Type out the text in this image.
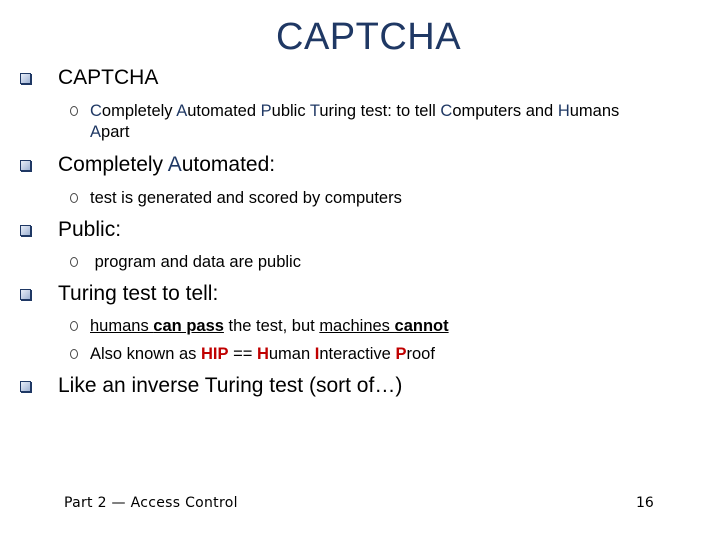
CAPTCHA
CAPTCHA
Completely Automated Public Turing test: to tell Computers and Humans
Apart
Completely Automated:
test is generated and scored by computers
Public:
program and data are public
Turing test to tell:
humans can pass the test, but machines cannot
Also known as HIP == Human Interactive Proof
Like an inverse Turing test (sort of…)
Part 2 — Access Control	16
